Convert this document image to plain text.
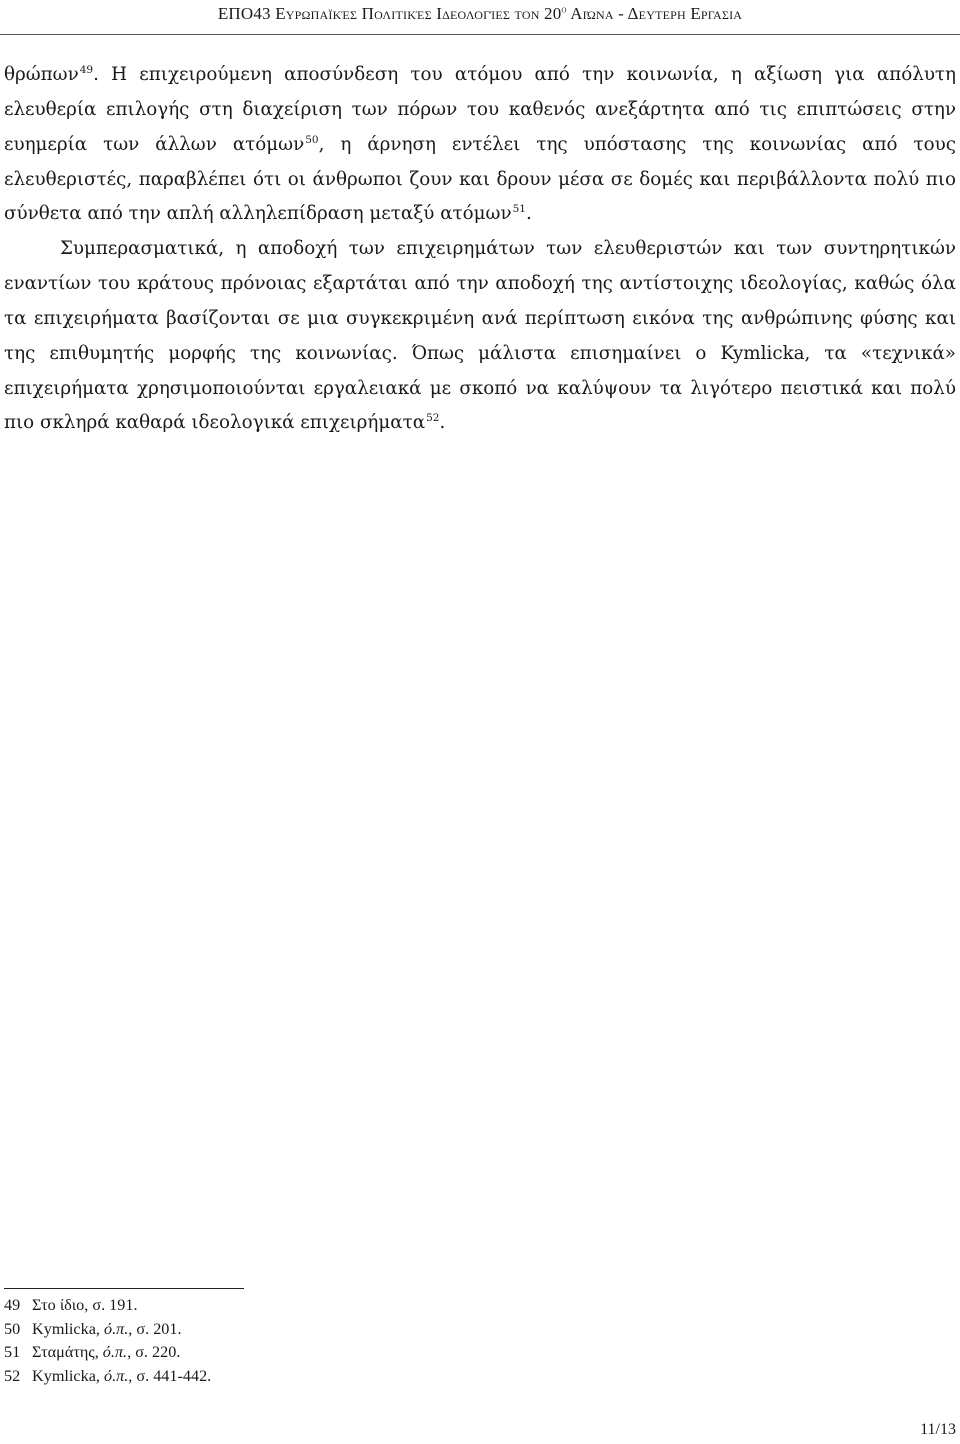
ΕΠΟ43 Ευρωπαϊκές Πολιτικές Ιδεολογίες τον $20^o$ Αιώνα - Δευτερη Εργασια

θρώπων$^{49}$. Η επιχειρούμενη αποσύνδεση του ατόμου από την κοινωνία, η αξίωση για απόλυτη ελευθερία επιλογής στη διαχείριση των πόρων του καθενός ανεξάρτητα από τις επιπτώσεις στην ευημερία των άλλων ατόμων$^{50}$, η άρνηση εντέλει της υπόστασης της κοινωνίας από τους ελευθεριστές, παραβλέπει ότι οι άνθρωποι ζουν και δρουν μέσα σε δομές και περιβάλλοντα πολύ πιο σύνθετα από την απλή αλληλεπίδραση μεταξύ ατόμων$^{51}$.

Συμπερασματικά, η αποδοχή των επιχειρημάτων των ελευθεριστών και των συντηρητικών εναντίων του κράτους πρόνοιας εξαρτάται από την αποδοχή της αντίστοιχης ιδεολογίας, καθώς όλα τα επιχειρήματα βασίζονται σε μια συγκεκριμένη ανά περίπτωση εικόνα της ανθρώπινης φύσης και της επιθυμητής μορφής της κοινωνίας. Όπως μάλιστα επισημαίνει ο Kymlicka, τα «τεχνικά» επιχειρήματα χρησιμοποιούνται εργαλειακά με σκοπό να καλύψουν τα λιγότερο πειστικά και πολύ πιο σκληρά καθαρά ιδεολογικά επιχειρήματα$^{52}$.

49 Στο ίδιο, σ. 191.
50 Kymlicka, ό.π., σ. 201.
51 Σταμάτης, ό.π., σ. 220.
52 Kymlicka, ό.π., σ. 441-442.
11/13
